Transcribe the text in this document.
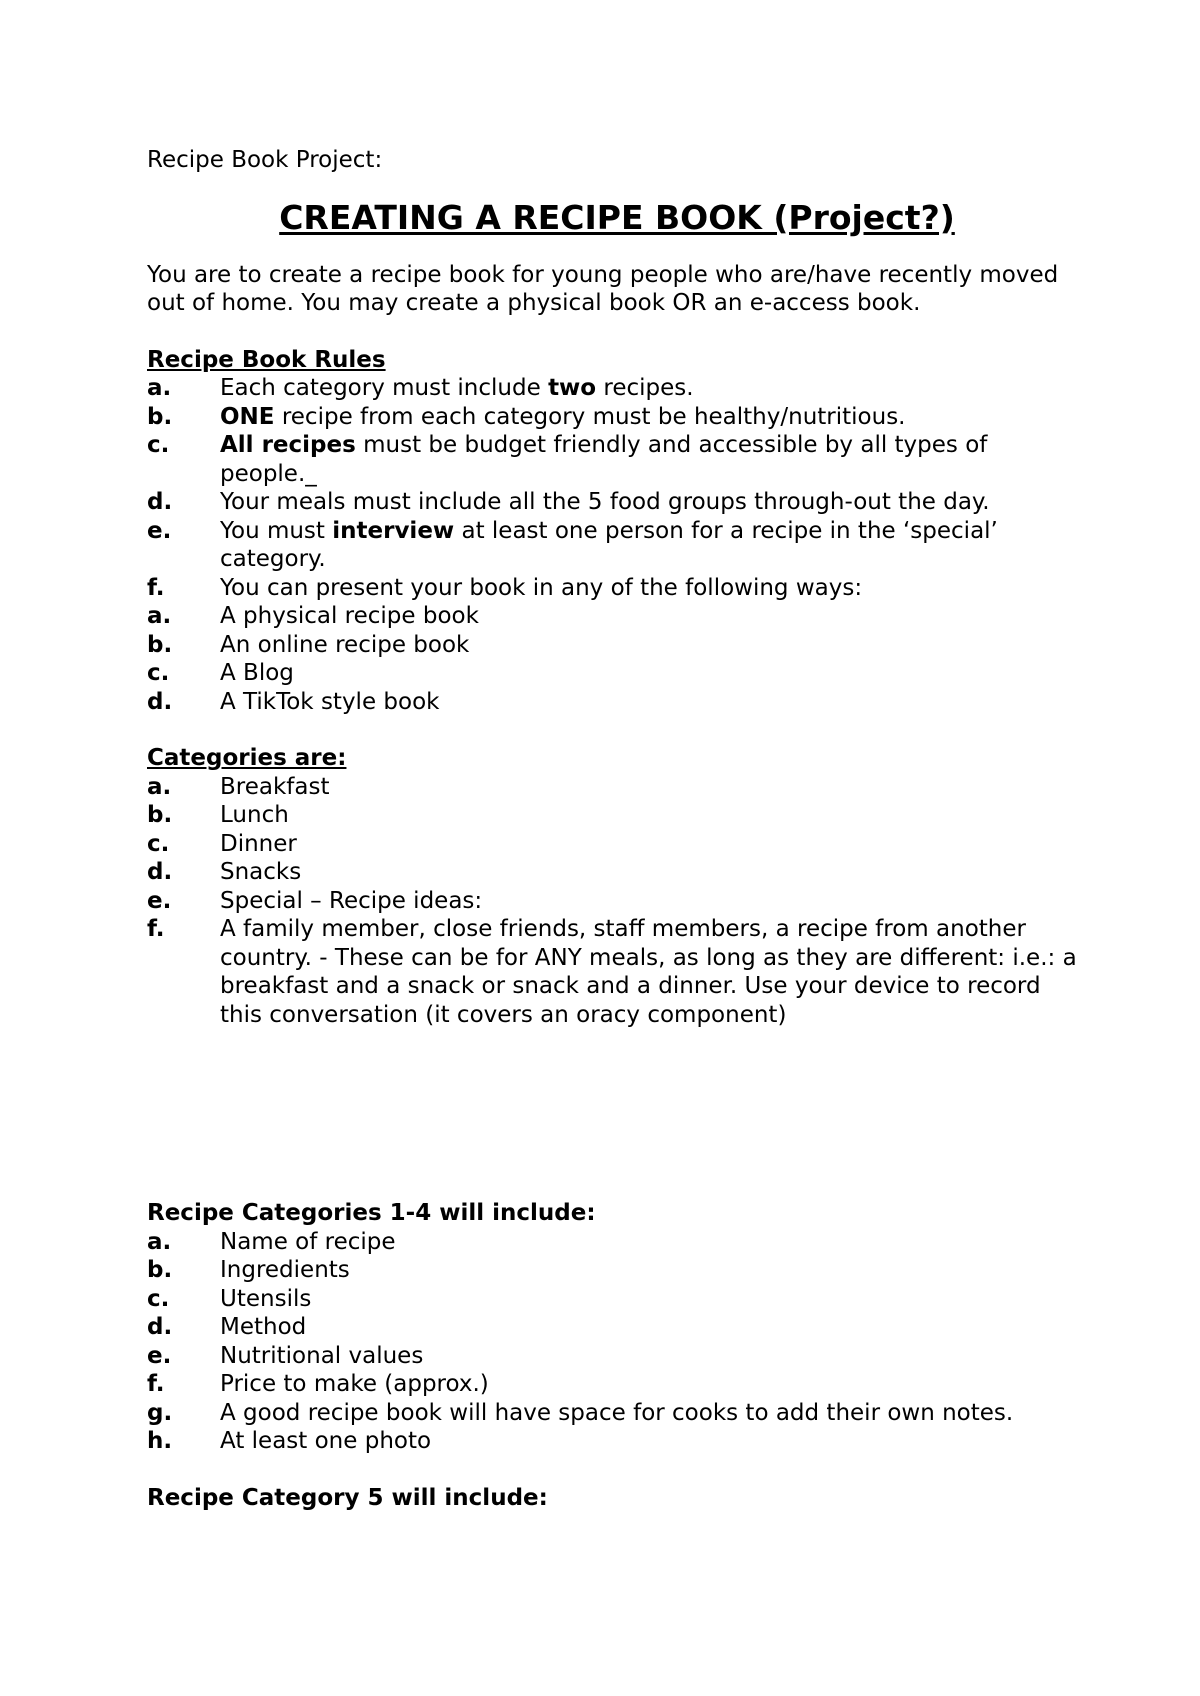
Recipe Book Project:

CREATING A RECIPE BOOK (Project?)

You are to create a recipe book for young people who are/have recently moved out of home. You may create a physical book OR an e-access book.

Recipe Book Rules

a.	Each category must include two recipes.
b.	ONE recipe from each category must be healthy/nutritious.
c.	All recipes must be budget friendly and accessible by all types of people._
d.	Your meals must include all the 5 food groups through-out the day.
e.	You must interview at least one person for a recipe in the ‘special’ category.
f.	You can present your book in any of the following ways:
a.	A physical recipe book
b.	An online recipe book
c.	A Blog
d.	A TikTok style book

Categories are:

a.	Breakfast
b.	Lunch
c.	Dinner
d.	Snacks
e.	Special – Recipe ideas:
f.	A family member, close friends, staff members, a recipe from another country. - These can be for ANY meals, as long as they are different: i.e.: a breakfast and a snack or snack and a dinner. Use your device to record this conversation (it covers an oracy component)

Recipe Categories 1-4 will include:

a.	Name of recipe
b.	Ingredients
c.	Utensils
d.	Method
e.	Nutritional values
f.	Price to make (approx.)
g.	A good recipe book will have space for cooks to add their own notes.
h.	At least one photo

Recipe Category 5 will include:
